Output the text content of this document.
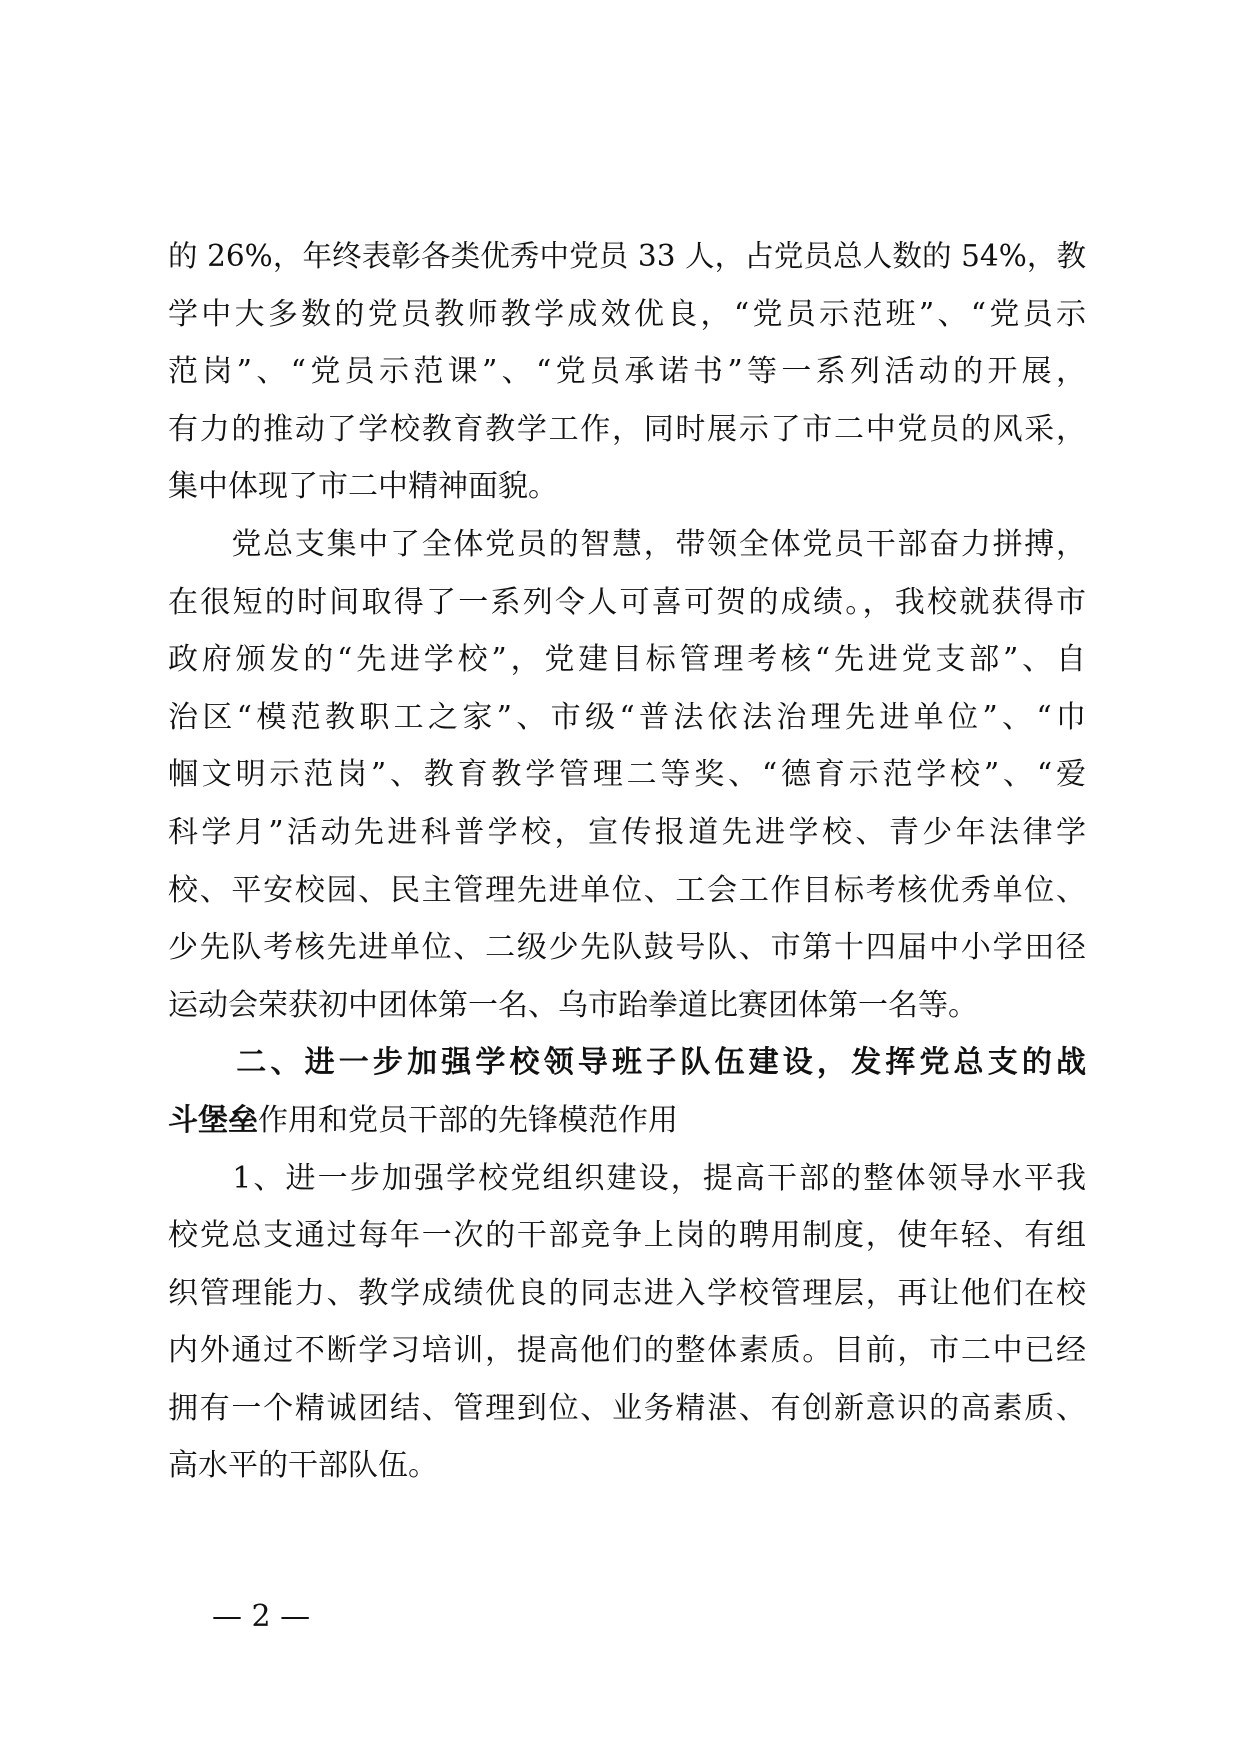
的 26%，年终表彰各类优秀中党员 33 人，占党员总人数的 54%，教
学中大多数的党员教师教学成效优良，“党员示范班”、“党员示
范岗”、“党员示范课”、“党员承诺书”等一系列活动的开展，
有力的推动了学校教育教学工作，同时展示了市二中党员的风采，
集中体现了市二中精神面貌。
　　党总支集中了全体党员的智慧，带领全体党员干部奋力拼搏，
在很短的时间取得了一系列令人可喜可贺的成绩。，我校就获得市
政府颁发的“先进学校”，党建目标管理考核“先进党支部”、自
治区“模范教职工之家”、市级“普法依法治理先进单位”、“巾
帼文明示范岗”、教育教学管理二等奖、“德育示范学校”、“爱
科学月”活动先进科普学校，宣传报道先进学校、青少年法律学
校、平安校园、民主管理先进单位、工会工作目标考核优秀单位、
少先队考核先进单位、二级少先队鼓号队、市第十四届中小学田径
运动会荣获初中团体第一名、乌市跆拳道比赛团体第一名等。
　　二、进一步加强学校领导班子队伍建设，发挥党总支的战
斗堡垒作用和党员干部的先锋模范作用
　　1、进一步加强学校党组织建设，提高干部的整体领导水平我
校党总支通过每年一次的干部竞争上岗的聘用制度，使年轻、有组
织管理能力、教学成绩优良的同志进入学校管理层，再让他们在校
内外通过不断学习培训，提高他们的整体素质。目前，市二中已经
拥有一个精诚团结、管理到位、业务精湛、有创新意识的高素质、
高水平的干部队伍。
— 2 —
